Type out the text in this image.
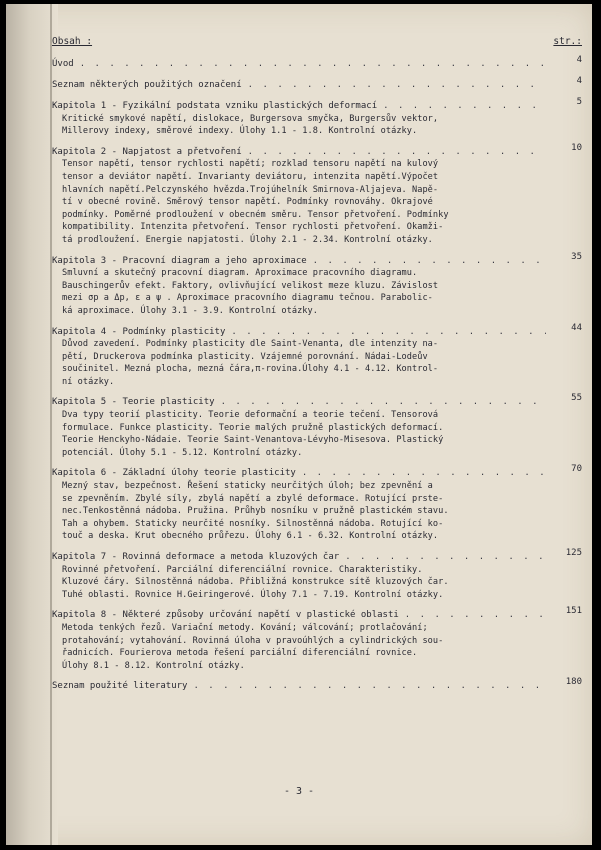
Obsah :	str.:
Úvod . . .	4
Seznam některých použitých označení . . .	4
Kapitola 1 - Fyzikální podstata vzniku plastických deformací . . .	5
Kritické smykové napětí, dislokace, Burgersova smyčka, Burgersův vektor,
Millerovy indexy, směrové indexy. Úlohy 1.1 - 1.8. Kontrolní otázky.
Kapitola 2 - Napjatost a přetvoření . . .	10
Tensor napětí, tensor rychlosti napětí; rozklad tensoru napětí na kulový
tensor a deviátor napětí. Invarianty deviátoru, intenzita napětí.Výpočet
hlavních napětí.Pelczynského hvězda.Trojúhelník Smirnova-Aljajeva. Napě-
tí v obecné rovině. Směrový tensor napětí. Podmínky rovnováhy. Okrajové
podmínky. Poměrné prodloužení v obecném směru. Tensor přetvoření. Podmínky
kompatibility. Intenzita přetvoření. Tensor rychlosti přetvoření. Okamži-
tá prodloužení. Energie napjatosti. Úlohy 2.1 - 2.34. Kontrolní otázky.
Kapitola 3 - Pracovní diagram a jeho aproximace . . .	35
Smluvní a skutečný pracovní diagram. Aproximace pracovního diagramu.
Bauschingerův efekt. Faktory, ovlivňující velikost meze kluzu. Závislost
mezi σp a Δp, ε a ψ . Aproximace pracovního diagramu tečnou. Parabolic-
ká aproximace. Úlohy 3.1 - 3.9. Kontrolní otázky.
Kapitola 4 - Podmínky plasticity . . .	44
Důvod zavedení. Podmínky plasticity dle Saint-Venanta, dle intenzity na-
pětí, Druckerova podmínka plasticity. Vzájemné porovnání. Nádai-Lodeův
součinitel. Mezná plocha, mezná čára,π-rovina.Úlohy 4.1 - 4.12. Kontrol-
ní otázky.
Kapitola 5 - Teorie plasticity . . .	55
Dva typy teorií plasticity. Teorie deformační a teorie tečení. Tensorová
formulace. Funkce plasticity. Teorie malých pružně plastických deformací.
Teorie Henckyho-Nádaie. Teorie Saint-Venantova-Lévyho-Misesova. Plastický
potenciál. Úlohy 5.1 - 5.12. Kontrolní otázky.
Kapitola 6 - Základní úlohy teorie plasticity . . .	70
Mezný stav, bezpečnost. Řešení staticky neurčitých úloh; bez zpevnění a
se zpevněním. Zbylé síly, zbylá napětí a zbylé deformace. Rotující prste-
nec.Tenkostěnná nádoba. Pružina. Průhyb nosníku v pružně plastickém stavu.
Tah a ohybem. Staticky neurčité nosníky. Silnostěnná nádoba. Rotující ko-
touč a deska. Krut obecného průřezu. Úlohy 6.1 - 6.32. Kontrolní otázky.
Kapitola 7 - Rovinná deformace a metoda kluzových čar . . .	125
Rovinné přetvoření. Parciální diferenciální rovnice. Charakteristiky.
Kluzové čáry. Silnostěnná nádoba. Přibližná konstrukce sítě kluzových čar.
Tuhé oblasti. Rovnice H.Geiringerové. Úlohy 7.1 - 7.19. Kontrolní otázky.
Kapitola 8 - Některé způsoby určování napětí v plastické oblasti . . .	151
Metoda tenkých řezů. Variační metody. Kování; válcování; protlačování;
protahování; vytahování. Rovinná úloha v pravoúhlých a cylindrických sou-
řadnicích. Fourierova metoda řešení parciální diferenciální rovnice.
Úlohy 8.1 - 8.12. Kontrolní otázky.
Seznam použité literatury . . .	180
- 3 -
